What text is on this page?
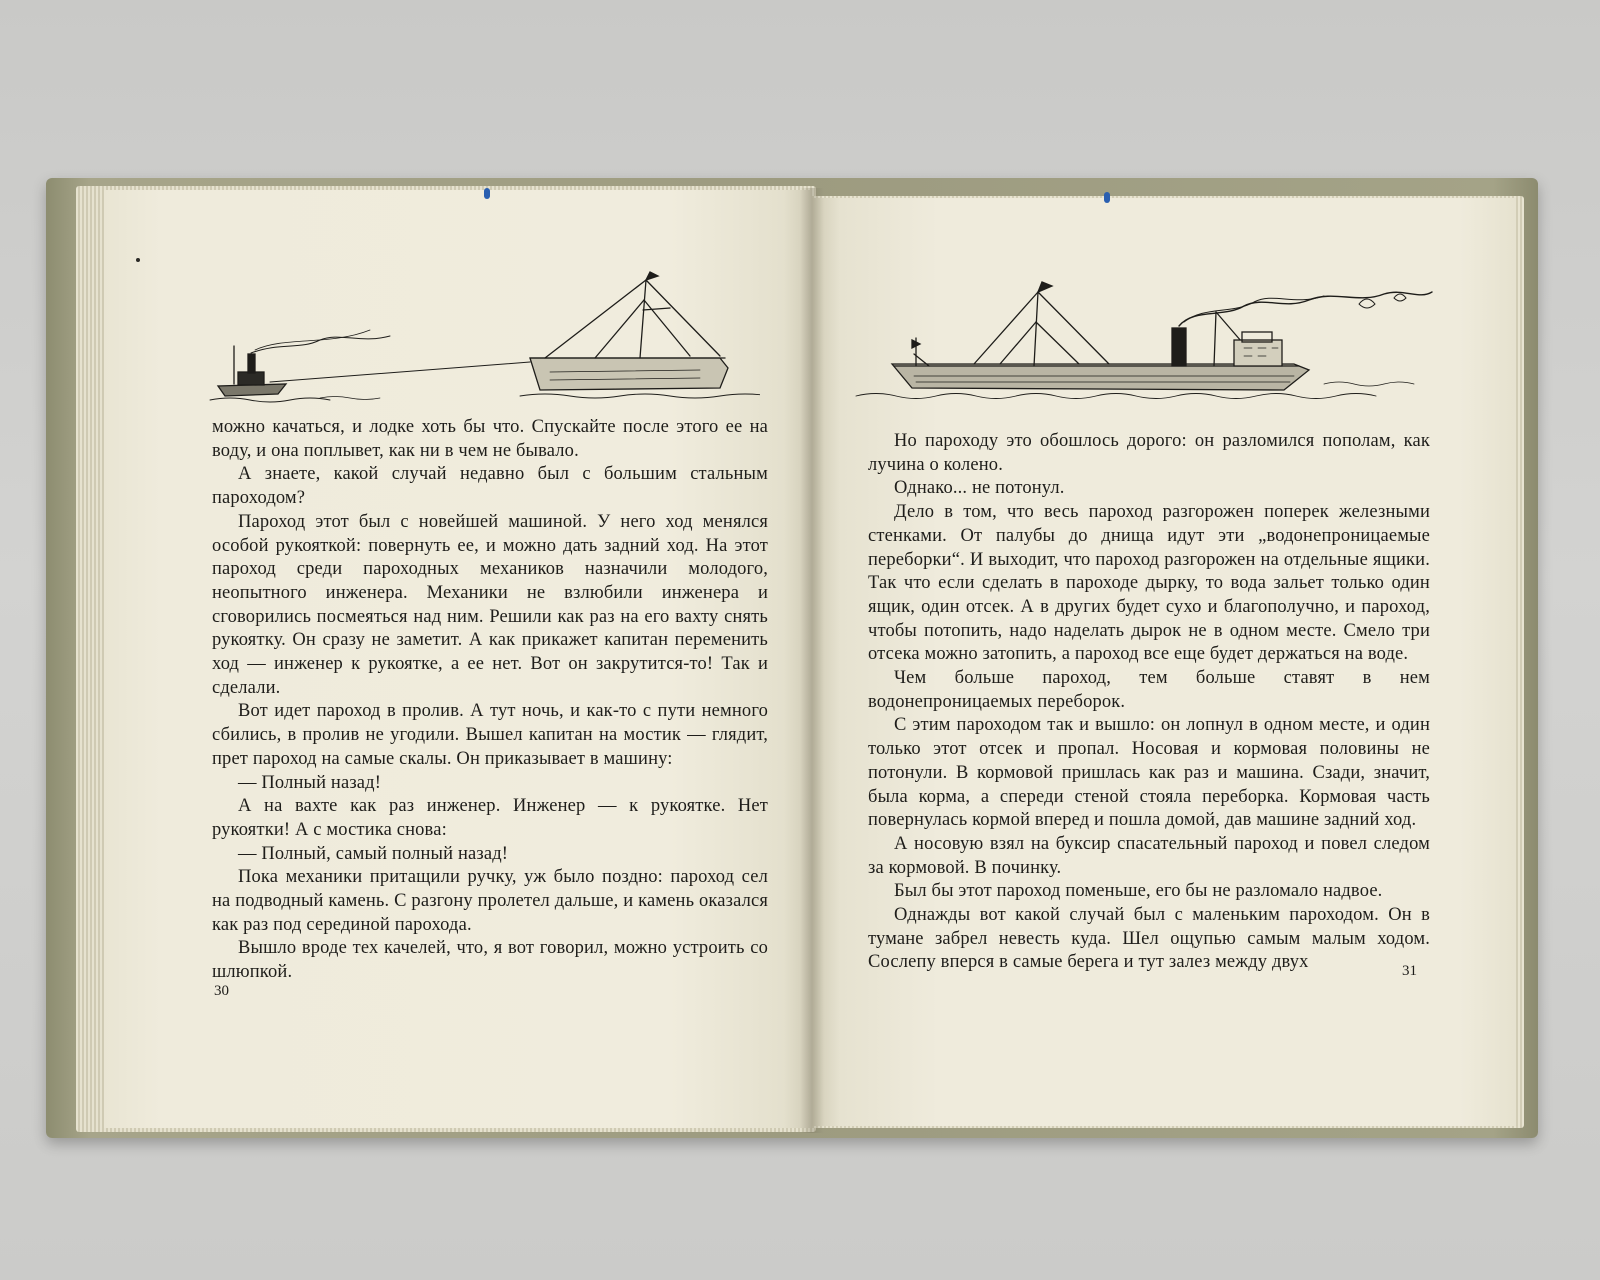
можно качаться, и лодке хоть бы что. Спускайте после этого ее на воду, и она поплывет, как ни в чем не бывало.

А знаете, какой случай недавно был с большим стальным пароходом?

Пароход этот был с новейшей машиной. У него ход менялся особой рукояткой: повернуть ее, и можно дать задний ход. На этот пароход среди пароходных механиков назначили молодого, неопытного инженера. Механики не взлюбили инженера и сговорились посмеяться над ним. Решили как раз на его вахту снять рукоятку. Он сразу не заметит. А как прикажет капитан переменить ход — инженер к рукоятке, а ее нет. Вот он закрутится-то! Так и сделали.

Вот идет пароход в пролив. А тут ночь, и как-то с пути немного сбились, в пролив не угодили. Вышел капитан на мостик — глядит, прет пароход на самые скалы. Он приказывает в машину:

— Полный назад!

А на вахте как раз инженер. Инженер — к рукоятке. Нет рукоятки! А с мостика снова:

— Полный, самый полный назад!

Пока механики притащили ручку, уж было поздно: пароход сел на подводный камень. С разгону пролетел дальше, и камень оказался как раз под серединой парохода.

Вышло вроде тех качелей, что, я вот говорил, можно устроить со шлюпкой.

30

Но пароходу это обошлось дорого: он разломился пополам, как лучина о колено.

Однако... не потонул.

Дело в том, что весь пароход разгорожен поперек железными стенками. От палубы до днища идут эти „водонепроницаемые переборки“. И выходит, что пароход разгорожен на отдельные ящики. Так что если сделать в пароходе дырку, то вода зальет только один ящик, один отсек. А в других будет сухо и благополучно, и пароход, чтобы потопить, надо наделать дырок не в одном месте. Смело три отсека можно затопить, а пароход все еще будет держаться на воде.

Чем больше пароход, тем больше ставят в нем водонепроницаемых переборок.

С этим пароходом так и вышло: он лопнул в одном месте, и один только этот отсек и пропал. Носовая и кормовая половины не потонули. В кормовой пришлась как раз и машина. Сзади, значит, была корма, а спереди стеной стояла переборка. Кормовая часть повернулась кормой вперед и пошла домой, дав машине задний ход.

А носовую взял на буксир спасательный пароход и повел следом за кормовой. В починку.

Был бы этот пароход поменьше, его бы не разломало надвое.

Однажды вот какой случай был с маленьким пароходом. Он в тумане забрел невесть куда. Шел ощупью самым малым ходом. Сослепу вперся в самые берега и тут залез между двух	31
